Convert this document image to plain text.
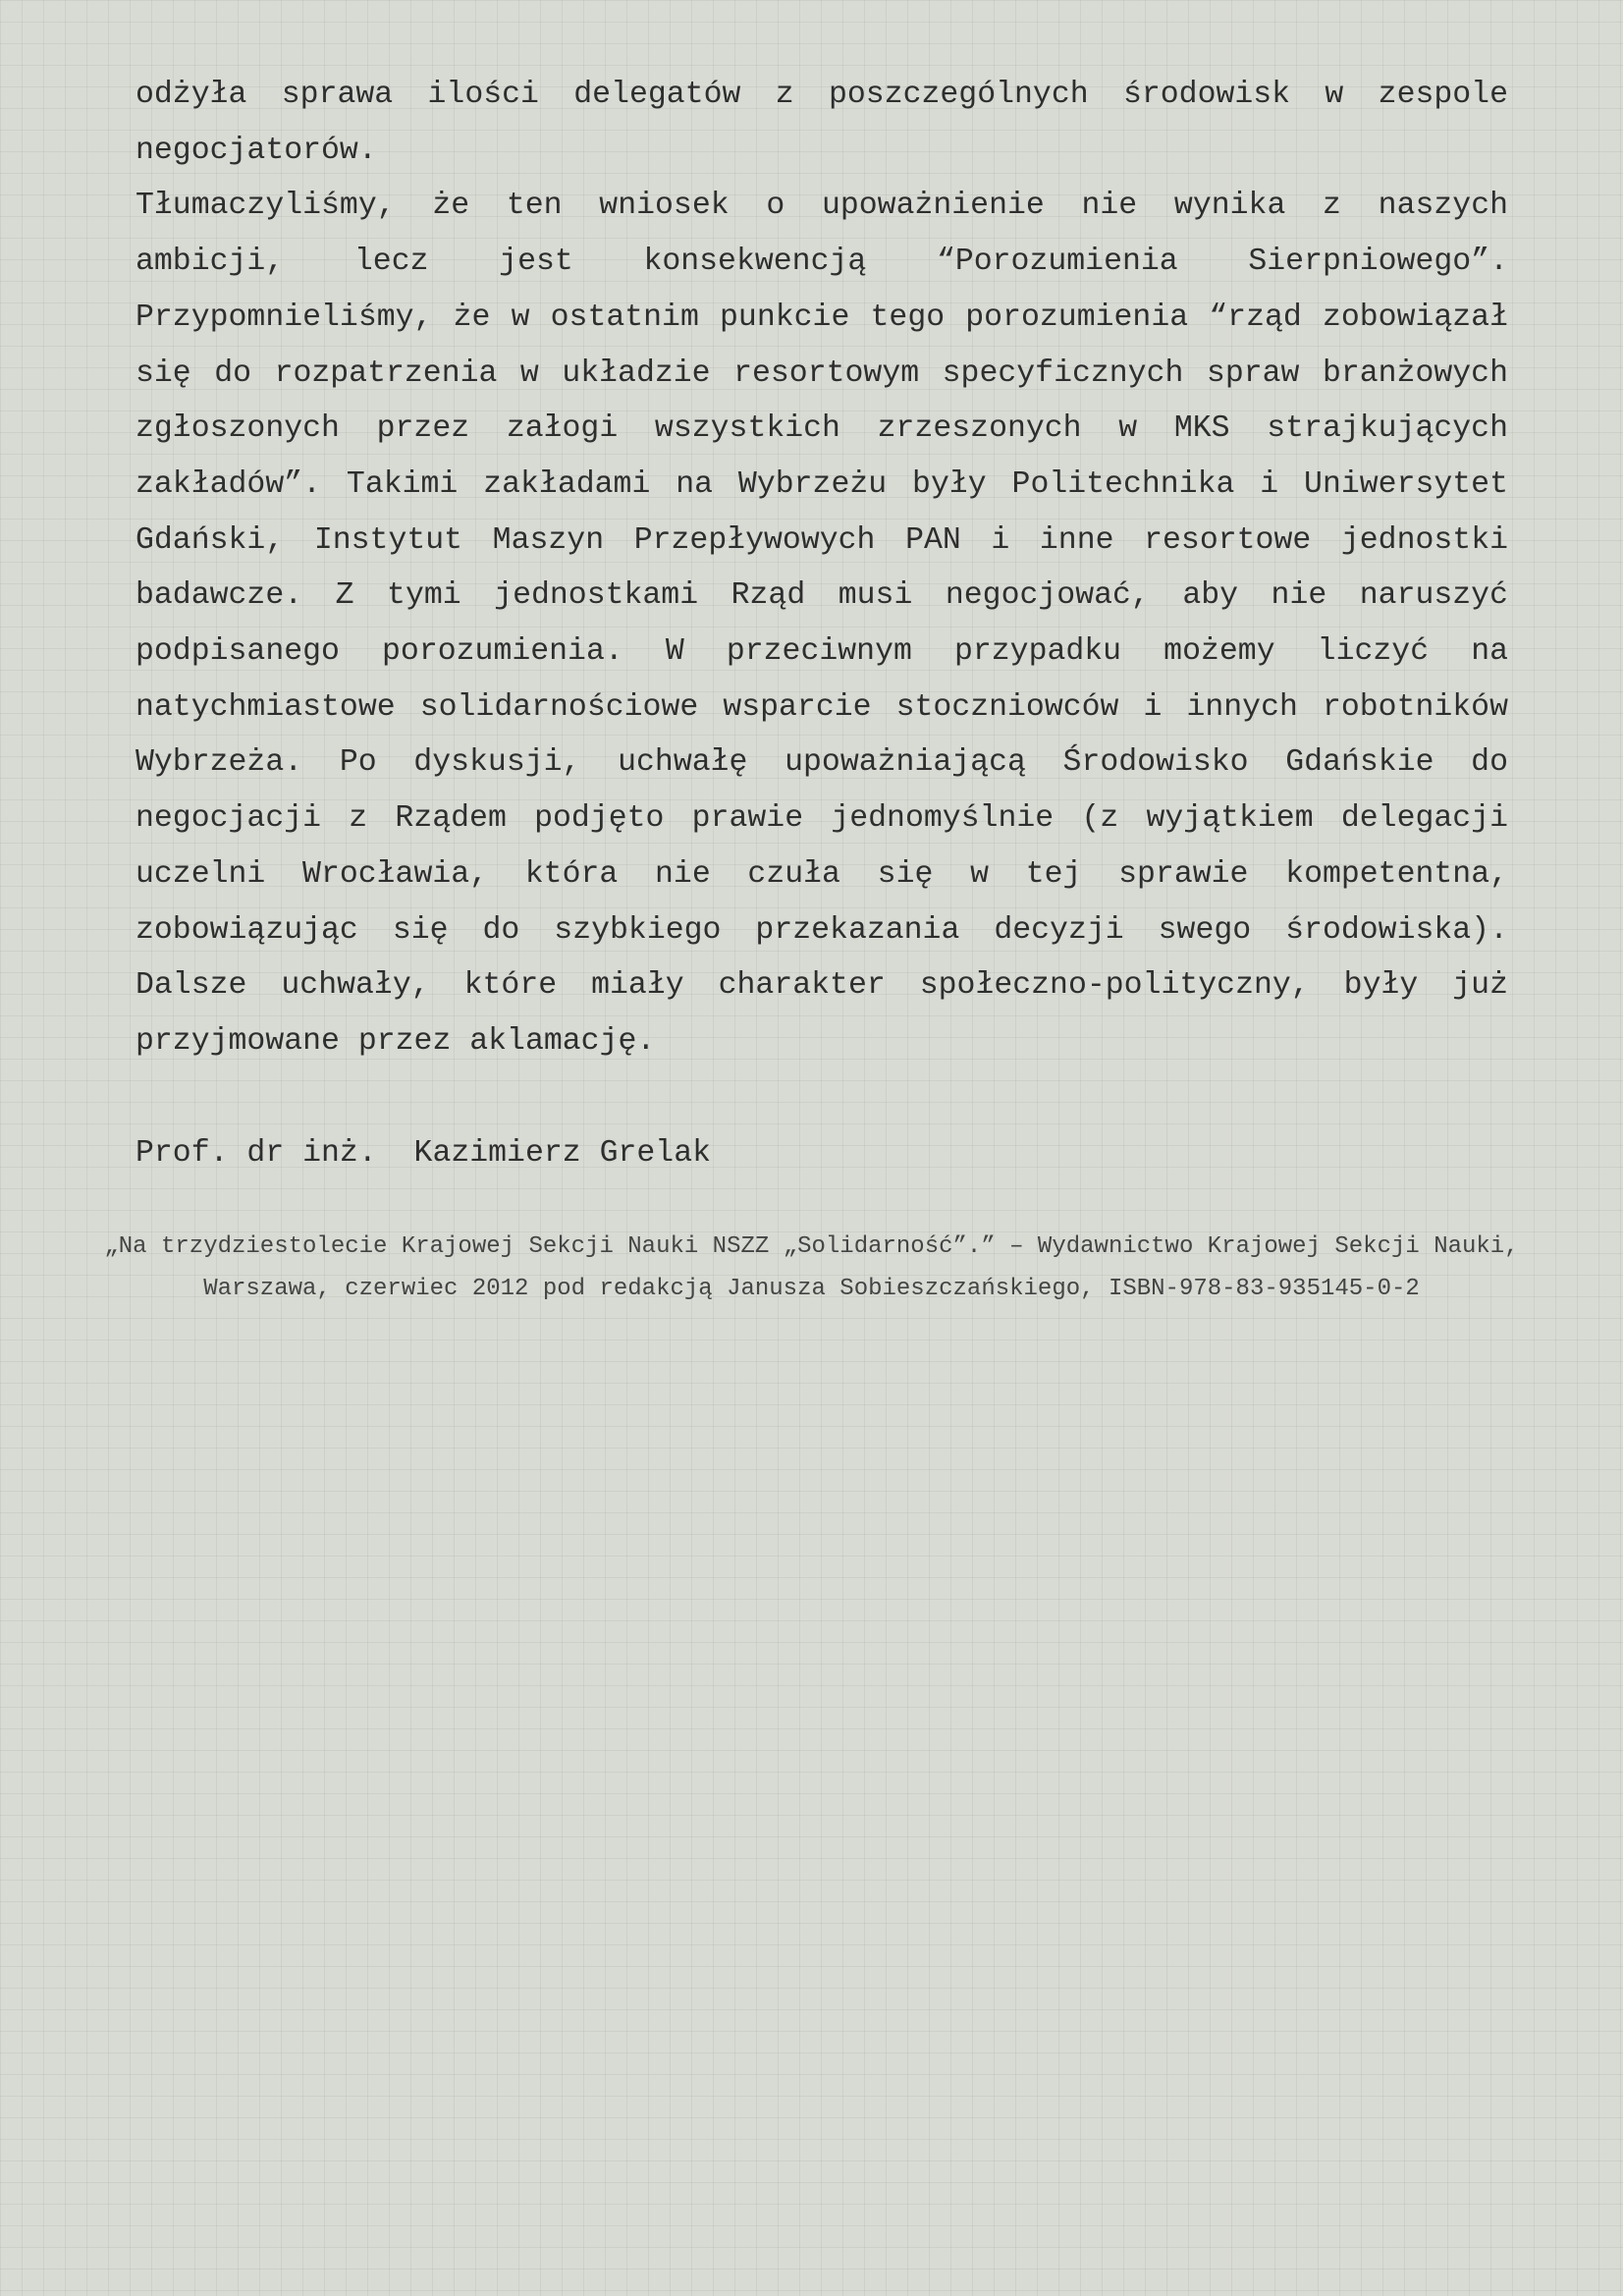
odżyła sprawa ilości delegatów z poszczególnych środowisk w zespole negocjatorów.

Tłumaczyliśmy, że ten wniosek o upoważnienie nie wynika z naszych ambicji, lecz jest konsekwencją “Porozumienia Sierpniowego”. Przypomnieliśmy, że w ostatnim punkcie tego porozumienia “rząd zobowiązał się do rozpatrzenia w układzie resortowym specyficznych spraw branżowych zgłoszonych przez załogi wszystkich zrzeszonych w MKS strajkujących zakładów”. Takimi zakładami na Wybrzeżu były Politechnika i Uniwersytet Gdański, Instytut Maszyn Przepływowych PAN i inne resortowe jednostki badawcze. Z tymi jednostkami Rząd musi negocjować, aby nie naruszyć podpisanego porozumienia. W przeciwnym przypadku możemy liczyć na natychmiastowe solidarnościowe wsparcie stoczniowców i innych robotników Wybrzeża. Po dyskusji, uchwałę upoważniającą Środowisko Gdańskie do negocjacji z Rządem podjęto prawie jednomyślnie (z wyjątkiem delegacji uczelni Wrocławia, która nie czuła się w tej sprawie kompetentna, zobowiązując się do szybkiego przekazania decyzji swego środowiska). Dalsze uchwały, które miały charakter społeczno-polityczny, były już przyjmowane przez aklamację.

Prof. dr inż.  Kazimierz Grelak

„Na trzydziestolecie Krajowej Sekcji Nauki NSZZ „Solidarność”.” – Wydawnictwo Krajowej Sekcji Nauki,
Warszawa, czerwiec 2012 pod redakcją Janusza Sobieszczańskiego, ISBN-978-83-935145-0-2
